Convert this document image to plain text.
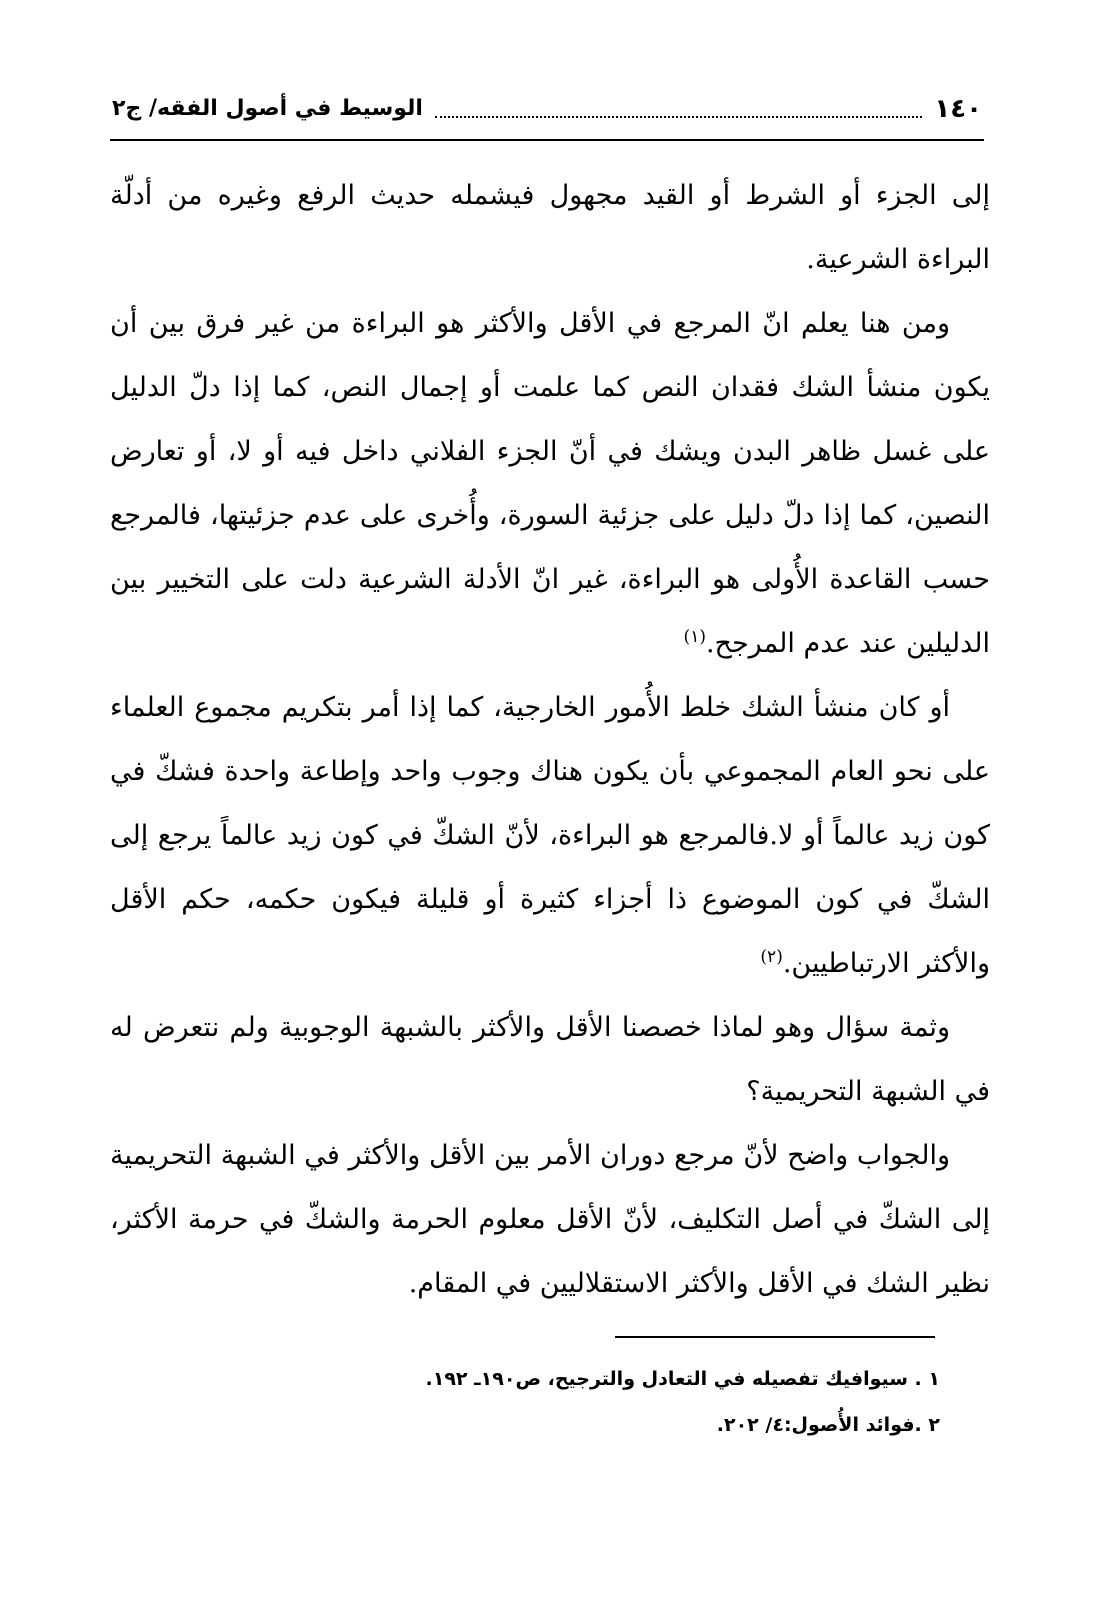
١٤٠
الوسيط في أصول الفقه/ ج٢

إلى الجزء أو الشرط أو القيد مجهول فيشمله حديث الرفع وغيره من أدلّة البراءة الشرعية.

ومن هنا يعلم انّ المرجع في الأقل والأكثر هو البراءة من غير فرق بين أن يكون منشأ الشك فقدان النص كما علمت أو إجمال النص، كما إذا دلّ الدليل على غسل ظاهر البدن ويشك في أنّ الجزء الفلاني داخل فيه أو لا، أو تعارض النصين، كما إذا دلّ دليل على جزئية السورة، وأُخرى على عدم جزئيتها، فالمرجع حسب القاعدة الأُولى هو البراءة، غير انّ الأدلة الشرعية دلت على التخيير بين الدليلين عند عدم المرجح.$^{(١)}$

أو كان منشأ الشك خلط الأُمور الخارجية، كما إذا أمر بتكريم مجموع العلماء على نحو العام المجموعي بأن يكون هناك وجوب واحد وإطاعة واحدة فشكّ في كون زيد عالماً أو لا.فالمرجع هو البراءة، لأنّ الشكّ في كون زيد عالماً يرجع إلى الشكّ في كون الموضوع ذا أجزاء كثيرة أو قليلة فيكون حكمه، حكم الأقل والأكثر الارتباطيين.$^{(٢)}$

وثمة سؤال وهو لماذا خصصنا الأقل والأكثر بالشبهة الوجوبية ولم نتعرض له في الشبهة التحريمية؟

والجواب واضح لأنّ مرجع دوران الأمر بين الأقل والأكثر في الشبهة التحريمية إلى الشكّ في أصل التكليف، لأنّ الأقل معلوم الحرمة والشكّ في حرمة الأكثر، نظير الشك في الأقل والأكثر الاستقلاليين في المقام.

١ . سيوافيك تفصيله في التعادل والترجيح، ص١٩٠ـ ١٩٢.

٢ .فوائد الأُصول:٤/ ٢٠٢.
